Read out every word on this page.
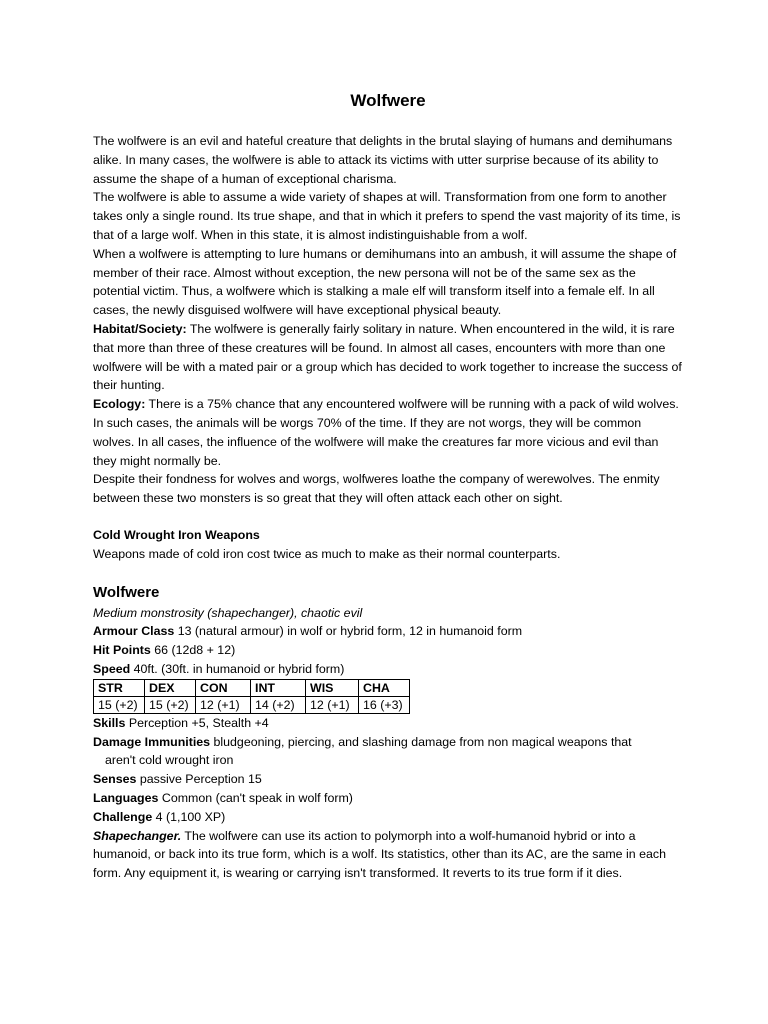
Wolfwere

The wolfwere is an evil and hateful creature that delights in the brutal slaying of humans and demihumans alike. In many cases, the wolfwere is able to attack its victims with utter surprise because of its ability to assume the shape of a human of exceptional charisma.

The wolfwere is able to assume a wide variety of shapes at will. Transformation from one form to another takes only a single round. Its true shape, and that in which it prefers to spend the vast majority of its time, is that of a large wolf. When in this state, it is almost indistinguishable from a wolf.

When a wolfwere is attempting to lure humans or demihumans into an ambush, it will assume the shape of member of their race. Almost without exception, the new persona will not be of the same sex as the potential victim. Thus, a wolfwere which is stalking a male elf will transform itself into a female elf. In all cases, the newly disguised wolfwere will have exceptional physical beauty.

Habitat/Society: The wolfwere is generally fairly solitary in nature. When encountered in the wild, it is rare that more than three of these creatures will be found. In almost all cases, encounters with more than one wolfwere will be with a mated pair or a group which has decided to work together to increase the success of their hunting.

Ecology: There is a 75% chance that any encountered wolfwere will be running with a pack of wild wolves. In such cases, the animals will be worgs 70% of the time. If they are not worgs, they will be common wolves. In all cases, the influence of the wolfwere will make the creatures far more vicious and evil than they might normally be.

Despite their fondness for wolves and worgs, wolfweres loathe the company of werewolves. The enmity between these two monsters is so great that they will often attack each other on sight.

Cold Wrought Iron Weapons

Weapons made of cold iron cost twice as much to make as their normal counterparts.

Wolfwere

Medium monstrosity (shapechanger), chaotic evil

Armour Class 13 (natural armour) in wolf or hybrid form, 12 in humanoid form

Hit Points 66 (12d8 + 12)

Speed 40ft. (30ft. in humanoid or hybrid form)

STR	DEX	CON	INT	WIS	CHA
15 (+2)	15 (+2)	12 (+1)	14 (+2)	12 (+1)	16 (+3)

Skills Perception +5, Stealth +4

Damage Immunities bludgeoning, piercing, and slashing damage from non magical weapons that

aren't cold wrought iron

Senses passive Perception 15

Languages Common (can't speak in wolf form)

Challenge 4 (1,100 XP)

Shapechanger. The wolfwere can use its action to polymorph into a wolf-humanoid hybrid or into a humanoid, or back into its true form, which is a wolf. Its statistics, other than its AC, are the same in each form. Any equipment it, is wearing or carrying isn't transformed. It reverts to its true form if it dies.
